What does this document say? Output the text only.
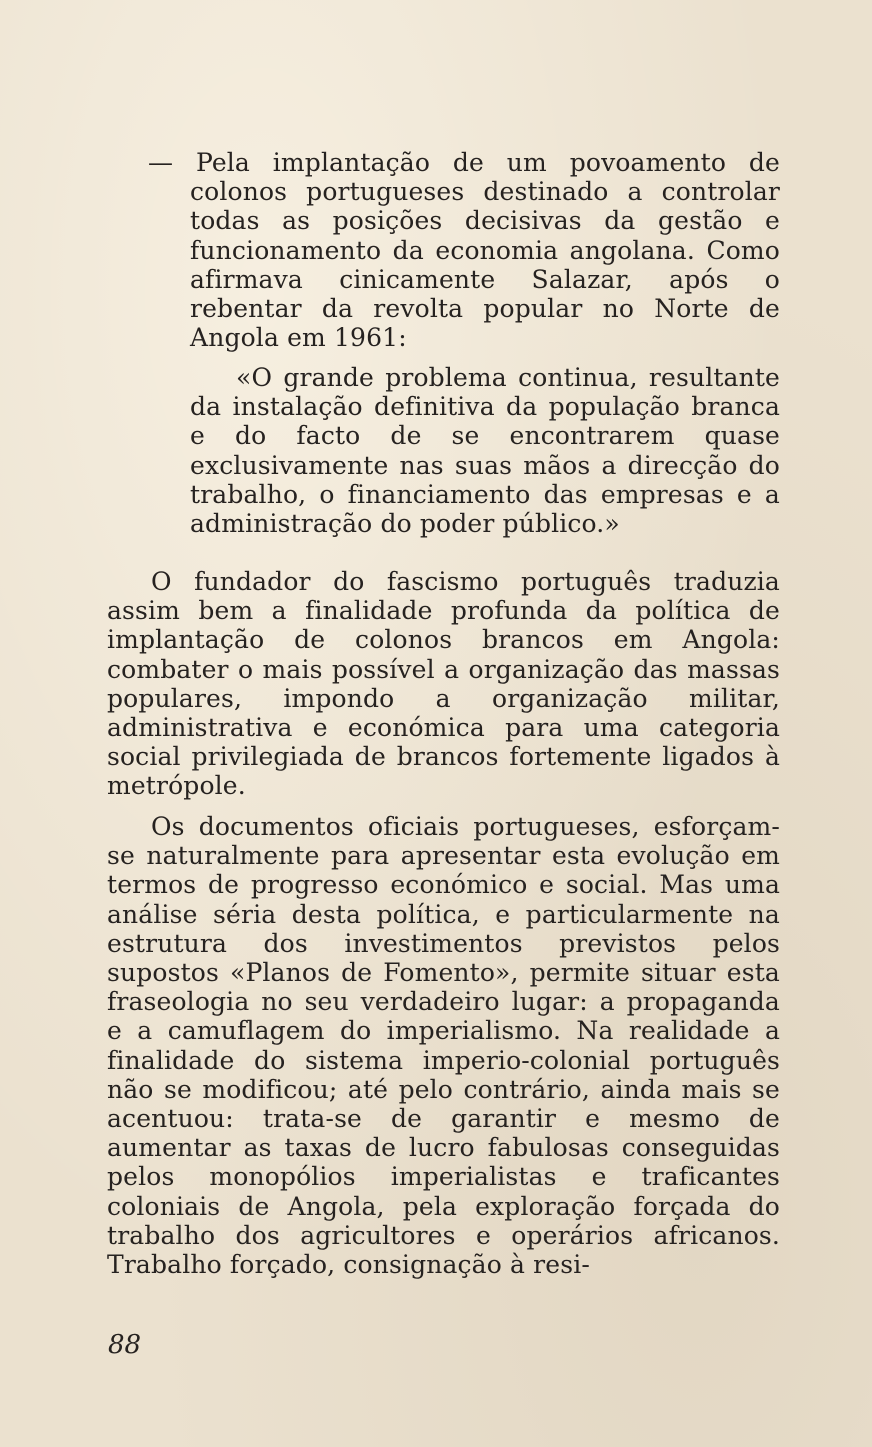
— Pela implantação de um povoamento de colonos portugueses destinado a controlar todas as posições decisivas da gestão e funcionamento da economia angolana. Como afirmava cinicamente Salazar, após o rebentar da revolta popular no Norte de Angola em 1961:

«O grande problema continua, resultante da instalação definitiva da população branca e do facto de se encontrarem quase exclusivamente nas suas mãos a direcção do trabalho, o financiamento das empresas e a administração do poder público.»

O fundador do fascismo português traduzia assim bem a finalidade profunda da política de implantação de colonos brancos em Angola: combater o mais possível a organização das massas populares, impondo a organização militar, administrativa e económica para uma categoria social privilegiada de brancos fortemente ligados à metrópole.

Os documentos oficiais portugueses, esforçam-se naturalmente para apresentar esta evolução em termos de progresso económico e social. Mas uma análise séria desta política, e particularmente na estrutura dos investimentos previstos pelos supostos «Planos de Fomento», permite situar esta fraseologia no seu verdadeiro lugar: a propaganda e a camuflagem do imperialismo. Na realidade a finalidade do sistema imperio-colonial português não se modificou; até pelo contrário, ainda mais se acentuou: trata-se de garantir e mesmo de aumentar as taxas de lucro fabulosas conseguidas pelos monopólios imperialistas e traficantes coloniais de Angola, pela exploração forçada do trabalho dos agricultores e operários africanos. Trabalho forçado, consignação à resi-

88
